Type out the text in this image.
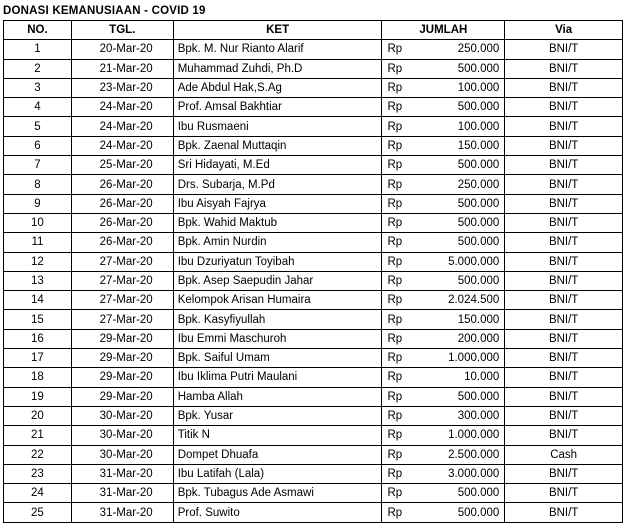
DONASI KEMANUSIAAN - COVID 19
NO.	TGL.	KET	JUMLAH	Via
1	20-Mar-20	Bpk. M. Nur Rianto Alarif	Rp 250.000	BNI/T
2	21-Mar-20	Muhammad Zuhdi, Ph.D	Rp 500.000	BNI/T
3	23-Mar-20	Ade Abdul Hak,S.Ag	Rp 100.000	BNI/T
4	24-Mar-20	Prof. Amsal Bakhtiar	Rp 500.000	BNI/T
5	24-Mar-20	Ibu Rusmaeni	Rp 100.000	BNI/T
6	24-Mar-20	Bpk. Zaenal Muttaqin	Rp 150.000	BNI/T
7	25-Mar-20	Sri Hidayati, M.Ed	Rp 500.000	BNI/T
8	26-Mar-20	Drs. Subarja, M.Pd	Rp 250.000	BNI/T
9	26-Mar-20	Ibu Aisyah Fajrya	Rp 500.000	BNI/T
10	26-Mar-20	Bpk. Wahid Maktub	Rp 500.000	BNI/T
11	26-Mar-20	Bpk. Amin Nurdin	Rp 500.000	BNI/T
12	27-Mar-20	Ibu Dzuriyatun Toyibah	Rp 5.000.000	BNI/T
13	27-Mar-20	Bpk. Asep Saepudin Jahar	Rp 500.000	BNI/T
14	27-Mar-20	Kelompok Arisan Humaira	Rp 2.024.500	BNI/T
15	27-Mar-20	Bpk. Kasyfiyullah	Rp 150.000	BNI/T
16	29-Mar-20	Ibu Emmi Maschuroh	Rp 200.000	BNI/T
17	29-Mar-20	Bpk. Saiful Umam	Rp 1.000.000	BNI/T
18	29-Mar-20	Ibu Iklima Putri Maulani	Rp 10.000	BNI/T
19	29-Mar-20	Hamba Allah	Rp 500.000	BNI/T
20	30-Mar-20	Bpk. Yusar	Rp 300.000	BNI/T
21	30-Mar-20	Titik N	Rp 1.000.000	BNI/T
22	30-Mar-20	Dompet Dhuafa	Rp 2.500.000	Cash
23	31-Mar-20	Ibu Latifah (Lala)	Rp 3.000.000	BNI/T
24	31-Mar-20	Bpk. Tubagus Ade Asmawi	Rp 500.000	BNI/T
25	31-Mar-20	Prof. Suwito	Rp 500.000	BNI/T
